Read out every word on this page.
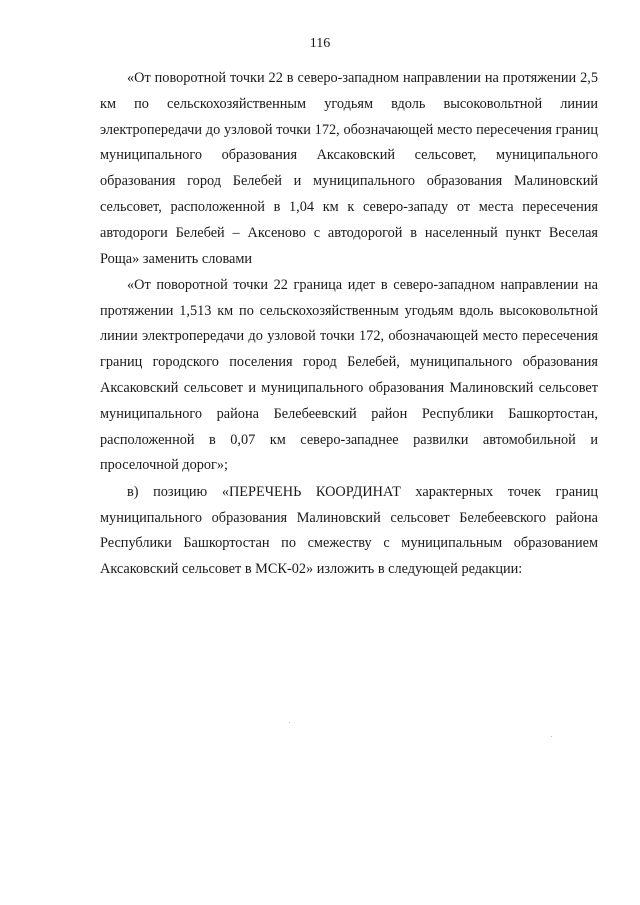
116

«От поворотной точки 22 в северо-западном направлении на протяжении 2,5 км по сельскохозяйственным угодьям вдоль высоковольтной линии электропередачи до узловой точки 172, обозначающей место пересечения границ муниципального образования Аксаковский сельсовет, муниципального образования город Белебей и муниципального образования Малиновский сельсовет, расположенной в 1,04 км к северо-западу от места пересечения автодороги Белебей – Аксеново с автодорогой в населенный пункт Веселая Роща» заменить словами

«От поворотной точки 22 граница идет в северо-западном направлении на протяжении 1,513 км по сельскохозяйственным угодьям вдоль высоковольтной линии электропередачи до узловой точки 172, обозначающей место пересечения границ городского поселения город Белебей, муниципального образования Аксаковский сельсовет и муниципального образования Малиновский сельсовет муниципального района Белебеевский район Республики Башкортостан, расположенной в 0,07 км северо-западнее развилки автомобильной и проселочной дорог»;

в) позицию «ПЕРЕЧЕНЬ КООРДИНАТ характерных точек границ муниципального образования Малиновский сельсовет Белебеевского района Республики Башкортостан по смежеству с муниципальным образованием Аксаковский сельсовет в МСК-02» изложить в следующей редакции:
